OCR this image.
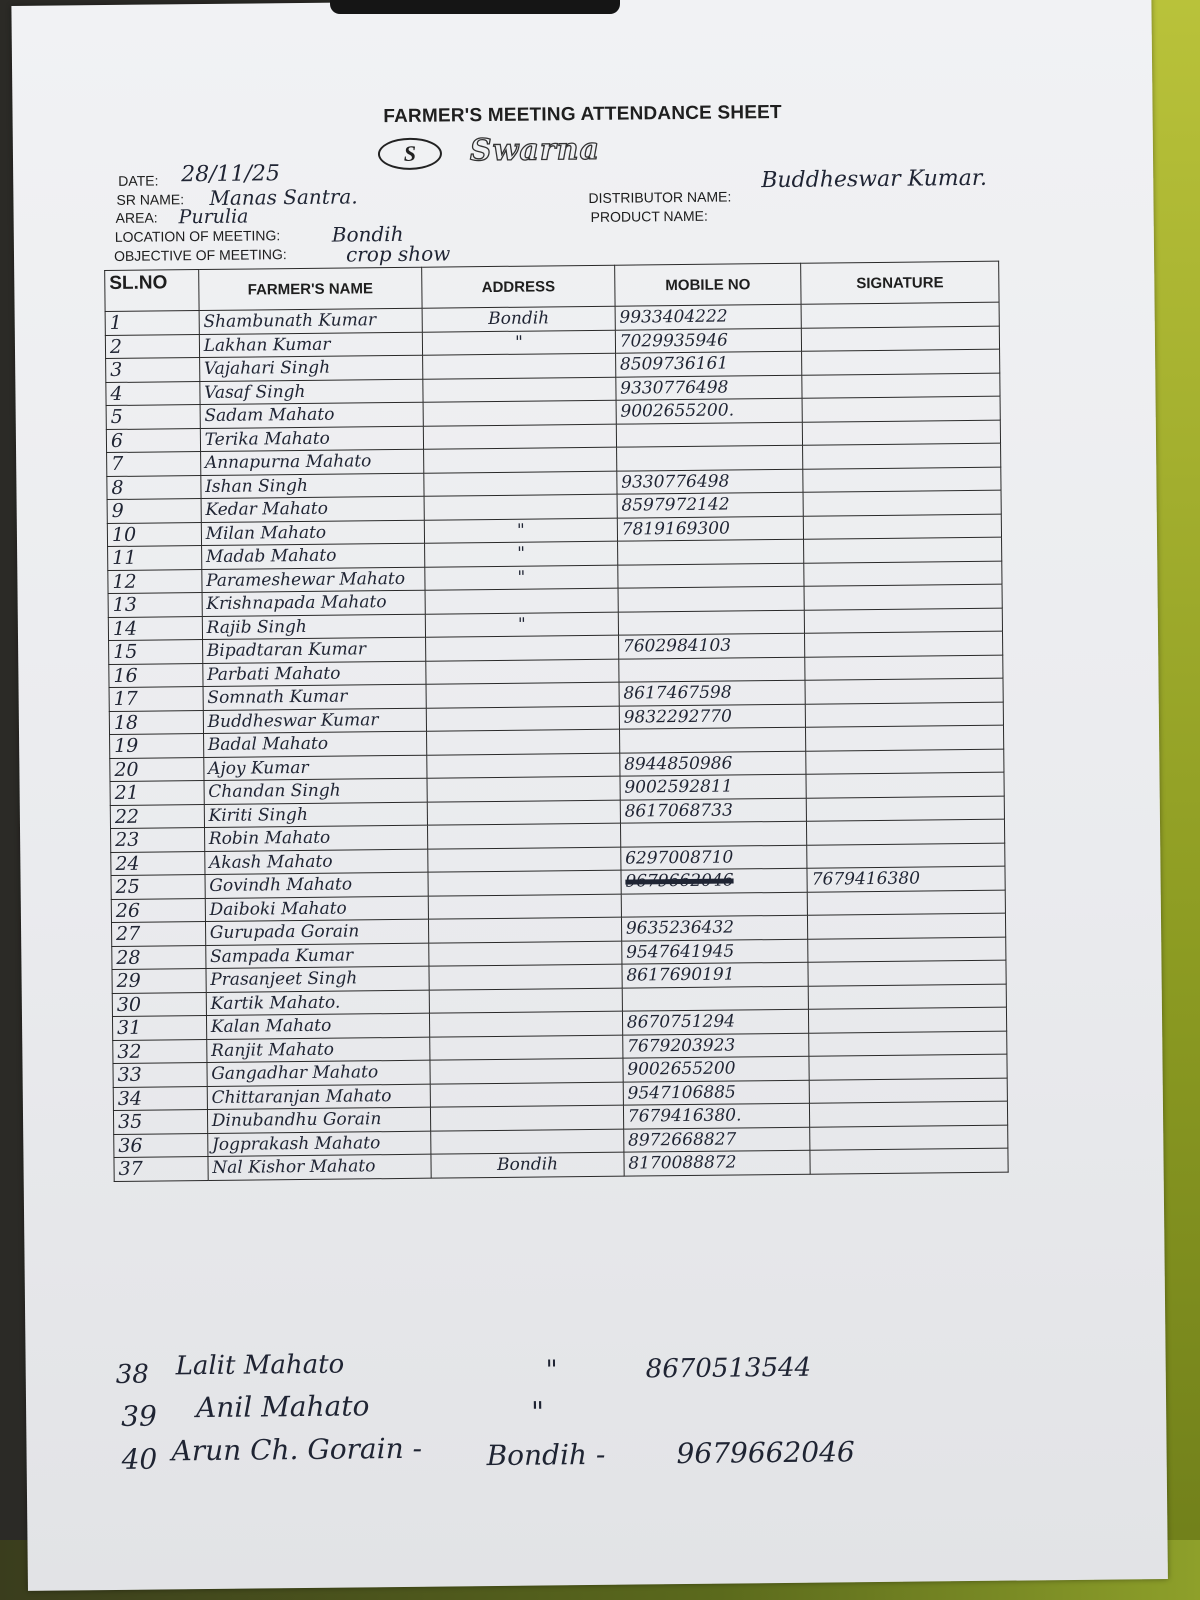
FARMER'S MEETING ATTENDANCE SHEET
S	Swarna
DATE: 28/11/25
SR NAME: Manas Santra.
AREA: Purulia
LOCATION OF MEETING:	Bondih
OBJECTIVE OF MEETING:	crop show
DISTRIBUTOR NAME:
Buddheswar Kumar.
PRODUCT NAME:
SL.NO	FARMER'S NAME	ADDRESS	MOBILE NO	SIGNATURE
1	Shambunath Kumar	Bondih	9933404222	
2	Lakhan Kumar	"	7029935946	
3	Vajahari Singh		8509736161	
4	Vasaf Singh		9330776498	
5	Sadam Mahato		9002655200.	
6	Terika Mahato			
7	Annapurna Mahato			
8	Ishan Singh		9330776498	
9	Kedar Mahato		8597972142	
10	Milan Mahato	"	7819169300	
11	Madab Mahato	"		
12	Parameshewar Mahato	"		
13	Krishnapada Mahato			
14	Rajib Singh	"		
15	Bipadtaran Kumar		7602984103	
16	Parbati Mahato			
17	Somnath Kumar		8617467598	
18	Buddheswar Kumar		9832292770	
19	Badal Mahato			
20	Ajoy Kumar		8944850986	
21	Chandan Singh		9002592811	
22	Kiriti Singh		8617068733	
23	Robin Mahato			
24	Akash Mahato		6297008710	
25	Govindh Mahato		9679662046	7679416380
26	Daiboki Mahato			
27	Gurupada Gorain		9635236432	
28	Sampada Kumar		9547641945	
29	Prasanjeet Singh		8617690191	
30	Kartik Mahato.			
31	Kalan Mahato		8670751294	
32	Ranjit Mahato		7679203923	
33	Gangadhar Mahato		9002655200	
34	Chittaranjan Mahato		9547106885	
35	Dinubandhu Gorain		7679416380.	
36	Jogprakash Mahato		8972668827	
37	Nal Kishor Mahato	Bondih	8170088872	
38 Lalit Mahato	"	8670513544
39 Anil Mahato	"
40 Arun Ch. Gorain - Bondih -	9679662046
